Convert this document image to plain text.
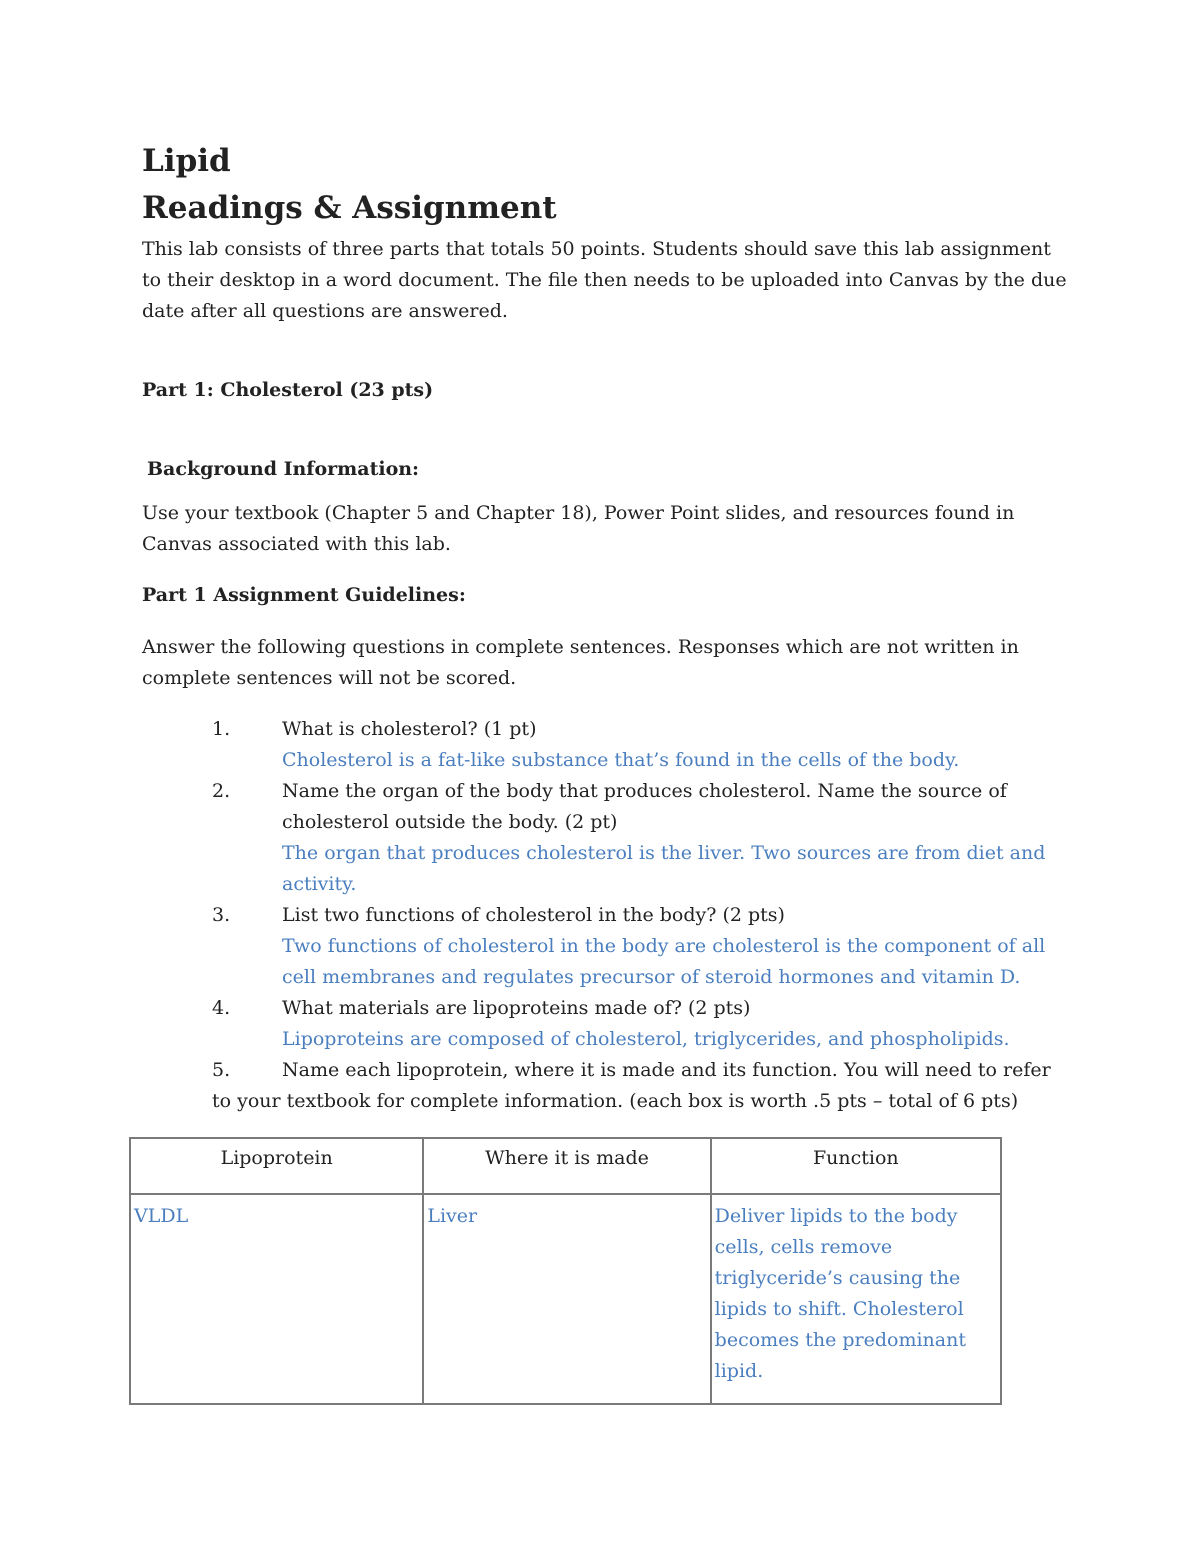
Lipid
Readings & Assignment
This lab consists of three parts that totals 50 points. Students should save this lab assignment to their desktop in a word document. The file then needs to be uploaded into Canvas by the due date after all questions are answered.
Part 1: Cholesterol (23 pts)
Background Information:
Use your textbook (Chapter 5 and Chapter 18), Power Point slides, and resources found in Canvas associated with this lab.
Part 1 Assignment Guidelines:
Answer the following questions in complete sentences. Responses which are not written in complete sentences will not be scored.
1.	What is cholesterol? (1 pt)
Cholesterol is a fat-like substance that’s found in the cells of the body.
2.	Name the organ of the body that produces cholesterol. Name the source of cholesterol outside the body. (2 pt)
The organ that produces cholesterol is the liver. Two sources are from diet and activity.
3.	List two functions of cholesterol in the body? (2 pts)
Two functions of cholesterol in the body are cholesterol is the component of all cell membranes and regulates precursor of steroid hormones and vitamin D.
4.	What materials are lipoproteins made of? (2 pts)
Lipoproteins are composed of cholesterol, triglycerides, and phospholipids.
5.	Name each lipoprotein, where it is made and its function. You will need to refer to your textbook for complete information. (each box is worth .5 pts – total of 6 pts)
Lipoprotein	Where it is made	Function
VLDL	Liver	Deliver lipids to the body cells, cells remove triglyceride’s causing the lipids to shift. Cholesterol becomes the predominant lipid.
